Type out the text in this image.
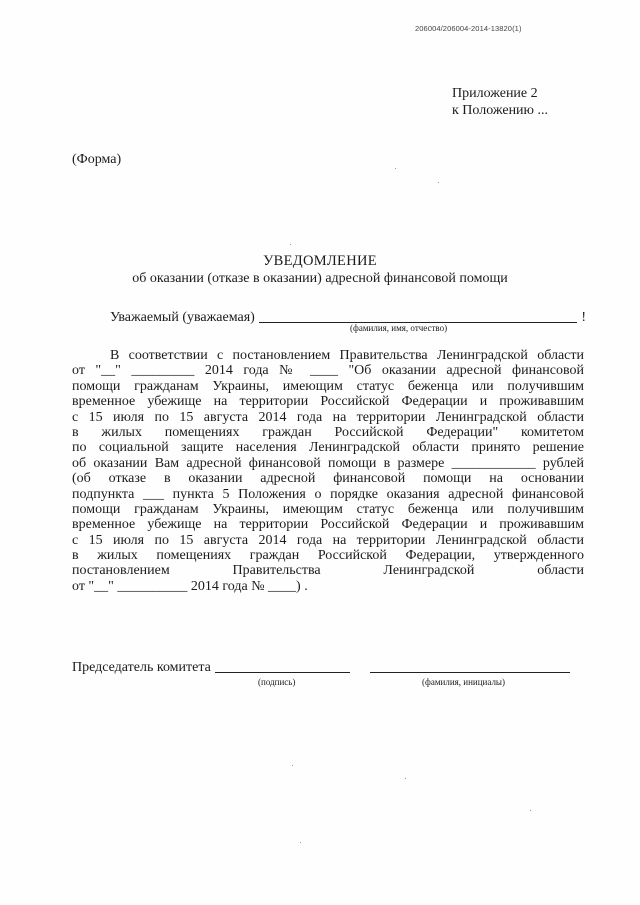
206004/206004-2014-13820(1)
Приложение 2
к Положению ...
(Форма)
УВЕДОМЛЕНИЕ
об оказании (отказе в оказании) адресной финансовой помощи
Уважаемый (уважаемая)	!
(фамилия, имя, отчество)
В соответствии с постановлением Правительства Ленинградской области
от "__" _________ 2014 года № ____ "Об оказании адресной финансовой
помощи гражданам Украины, имеющим статус беженца или получившим
временное убежище на территории Российской Федерации и проживавшим
с 15 июля по 15 августа 2014 года на территории Ленинградской области
в жилых помещениях граждан Российской Федерации" комитетом
по социальной защите населения Ленинградской области принято решение
об оказании Вам адресной финансовой помощи в размере ____________ рублей
(об отказе в оказании адресной финансовой помощи на основании
подпункта ___ пункта 5 Положения о порядке оказания адресной финансовой
помощи гражданам Украины, имеющим статус беженца или получившим
временное убежище на территории Российской Федерации и проживавшим
с 15 июля по 15 августа 2014 года на территории Ленинградской области
в жилых помещениях граждан Российской Федерации, утвержденного
постановлением Правительства Ленинградской области
от "__" __________ 2014 года № ____) .
Председатель комитета
(подпись)	(фамилия, инициалы)
